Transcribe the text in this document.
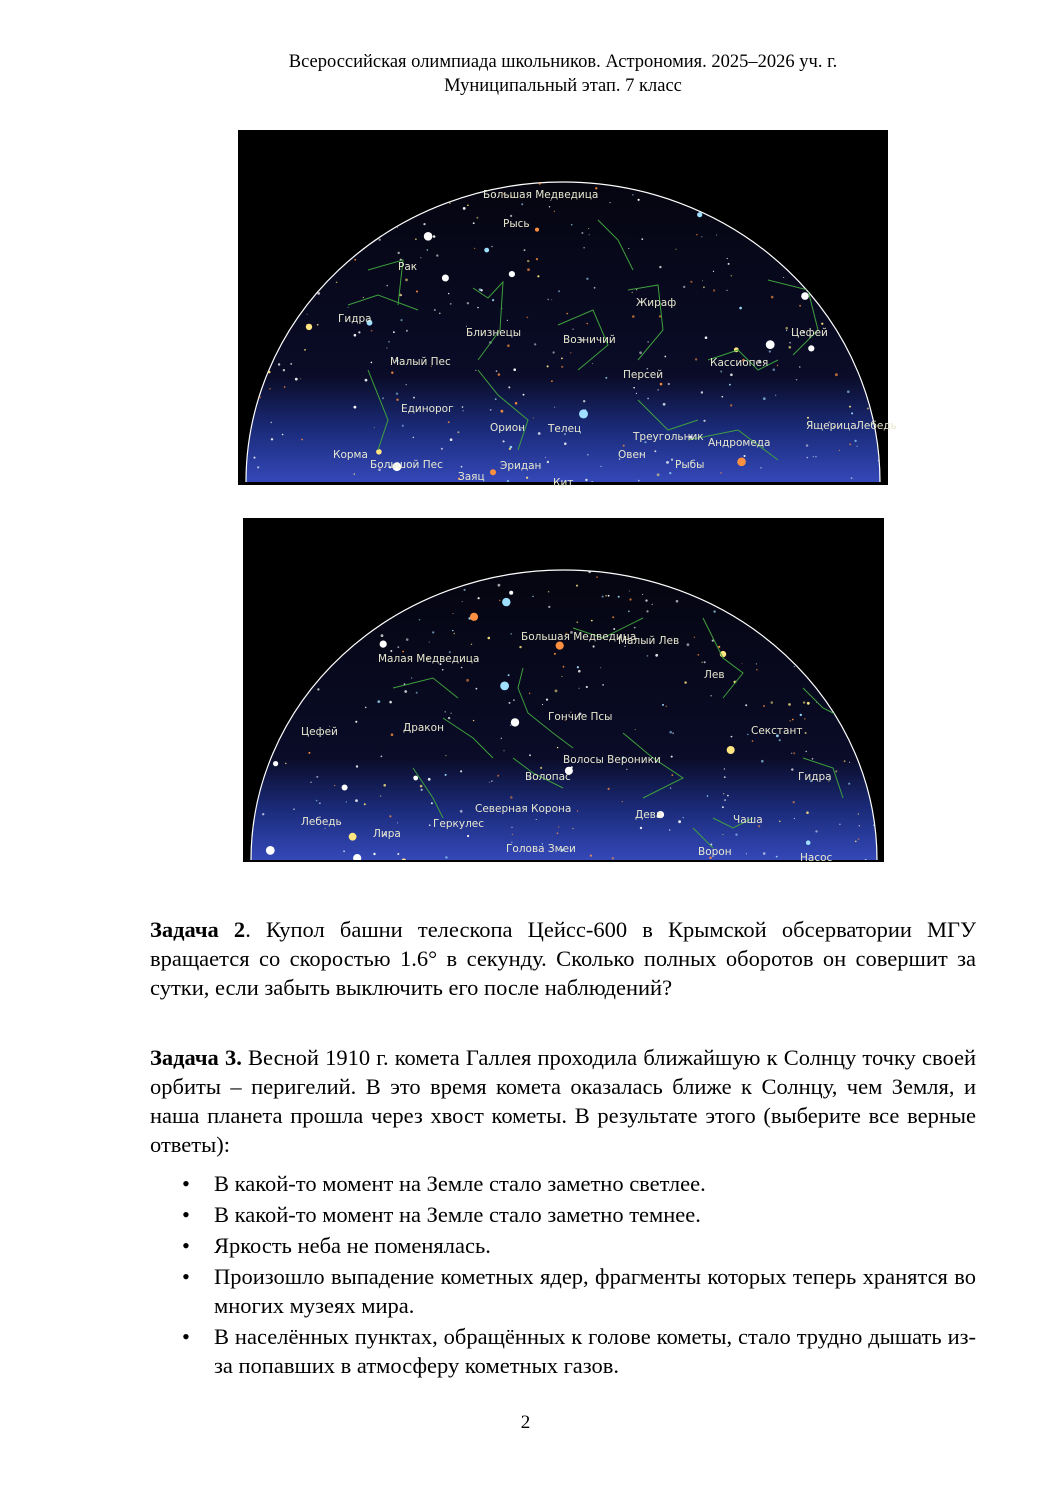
Всероссийская олимпиада школьников. Астрономия. 2025–2026 уч. г.
Муниципальный этап. 7 класс
Большая Медведица
Рысь
Рак
Гидра
Близнецы
Малый Пес
Единорог
Возничий
Жираф
Цефей
Кассиопея
Персей
Орион Телец
Треугольник Андромеда
Ящерица Лебедь
Корма
Большой Пес	Эридан
Овен
Рыбы
Заяц	Кит
Большая Медведица
Малый Лев
Малая Медведица
Лев
Цефей	Дракон
Гончие Псы
Секстант
Волосы Вероники
Волопас	Гидра
Северная Корона	Дева
Лебедь
Лира
Геркулес	Чаша
Голова Змеи	Ворон	Насос
Задача 2. Купол башни телескопа Цейсс-600 в Крымской обсерватории МГУ вращается со скоростью 1.6° в секунду. Сколько полных оборотов он совершит за сутки, если забыть выключить его после наблюдений?
Задача 3. Весной 1910 г. комета Галлея проходила ближайшую к Солнцу точку своей орбиты – перигелий. В это время комета оказалась ближе к Солнцу, чем Земля, и наша планета прошла через хвост кометы. В результате этого (выберите все верные ответы):
• В какой-то момент на Земле стало заметно светлее.
• В какой-то момент на Земле стало заметно темнее.
• Яркость неба не поменялась.
• Произошло выпадение кометных ядер, фрагменты которых теперь хранятся во многих музеях мира.
• В населённых пунктах, обращённых к голове кометы, стало трудно дышать из-за попавших в атмосферу кометных газов.
2
